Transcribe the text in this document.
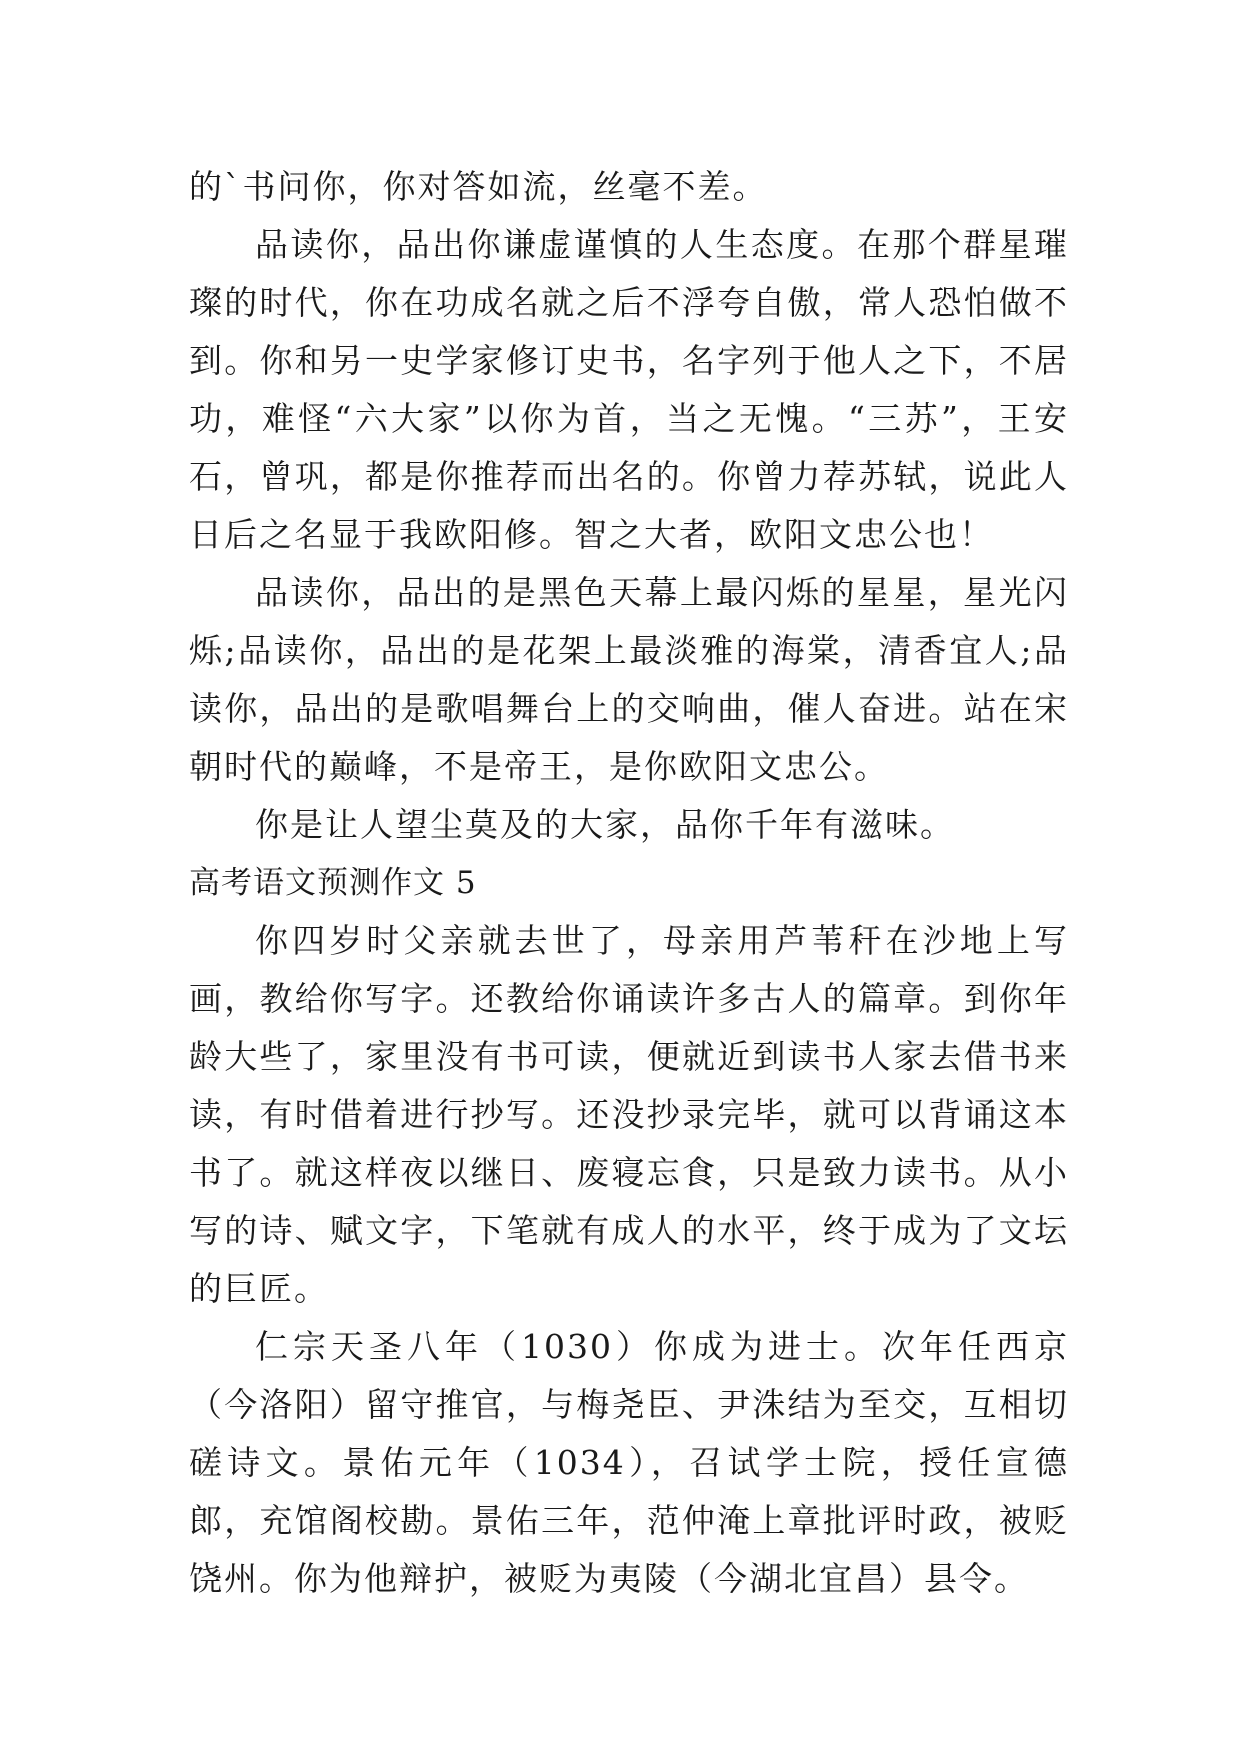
的`书问你，你对答如流，丝毫不差。

品读你，品出你谦虚谨慎的人生态度。在那个群星璀璨的时代，你在功成名就之后不浮夸自傲，常人恐怕做不到。你和另一史学家修订史书，名字列于他人之下，不居功，难怪“六大家”以你为首，当之无愧。“三苏”，王安石，曾巩，都是你推荐而出名的。你曾力荐苏轼，说此人日后之名显于我欧阳修。智之大者，欧阳文忠公也！

品读你，品出的是黑色天幕上最闪烁的星星，星光闪烁;品读你，品出的是花架上最淡雅的海棠，清香宜人;品读你，品出的是歌唱舞台上的交响曲，催人奋进。站在宋朝时代的巅峰，不是帝王，是你欧阳文忠公。

你是让人望尘莫及的大家，品你千年有滋味。

高考语文预测作文 5

你四岁时父亲就去世了，母亲用芦苇秆在沙地上写画，教给你写字。还教给你诵读许多古人的篇章。到你年龄大些了，家里没有书可读，便就近到读书人家去借书来读，有时借着进行抄写。还没抄录完毕，就可以背诵这本书了。就这样夜以继日、废寝忘食，只是致力读书。从小写的诗、赋文字，下笔就有成人的水平，终于成为了文坛的巨匠。

仁宗天圣八年（1030）你成为进士。次年任西京（今洛阳）留守推官，与梅尧臣、尹洙结为至交，互相切磋诗文。景佑元年（1034），召试学士院，授任宣德郎，充馆阁校勘。景佑三年，范仲淹上章批评时政，被贬饶州。你为他辩护，被贬为夷陵（今湖北宜昌）县令。
